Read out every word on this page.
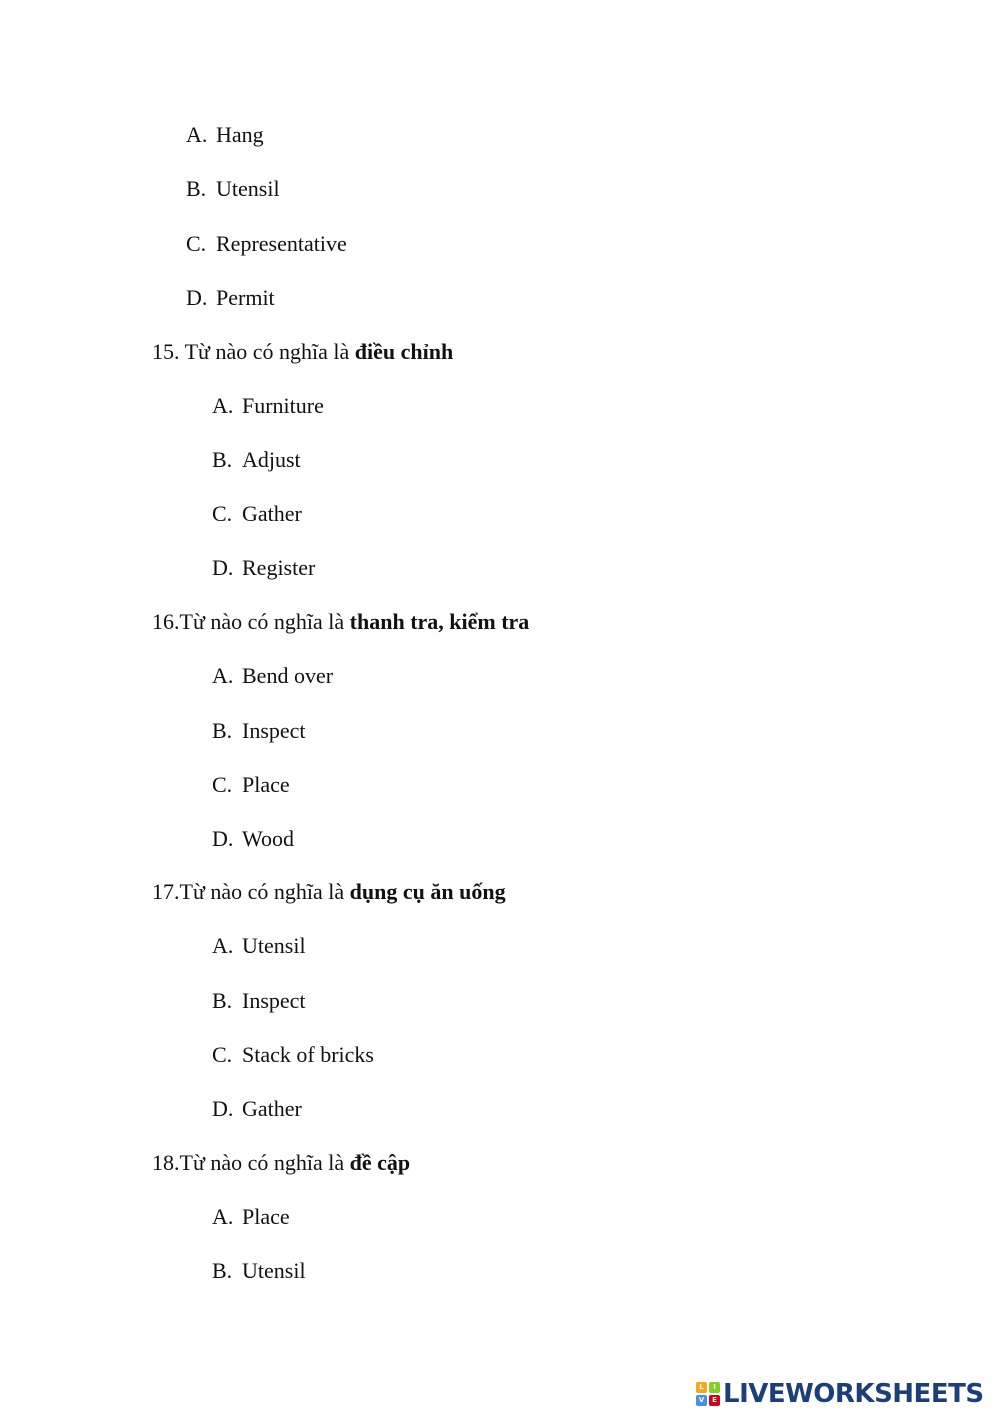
A. Hang

B. Utensil

C. Representative

D. Permit

15. Từ nào có nghĩa là điều chỉnh

A. Furniture

B. Adjust

C. Gather

D. Register

16.Từ nào có nghĩa là thanh tra, kiểm tra

A. Bend over

B. Inspect

C. Place

D. Wood

17.Từ nào có nghĩa là dụng cụ ăn uống

A. Utensil

B. Inspect

C. Stack of bricks

D. Gather

18.Từ nào có nghĩa là đề cập

A. Place

B. Utensil

L	I
V	E LIVEWORKSHEETS
